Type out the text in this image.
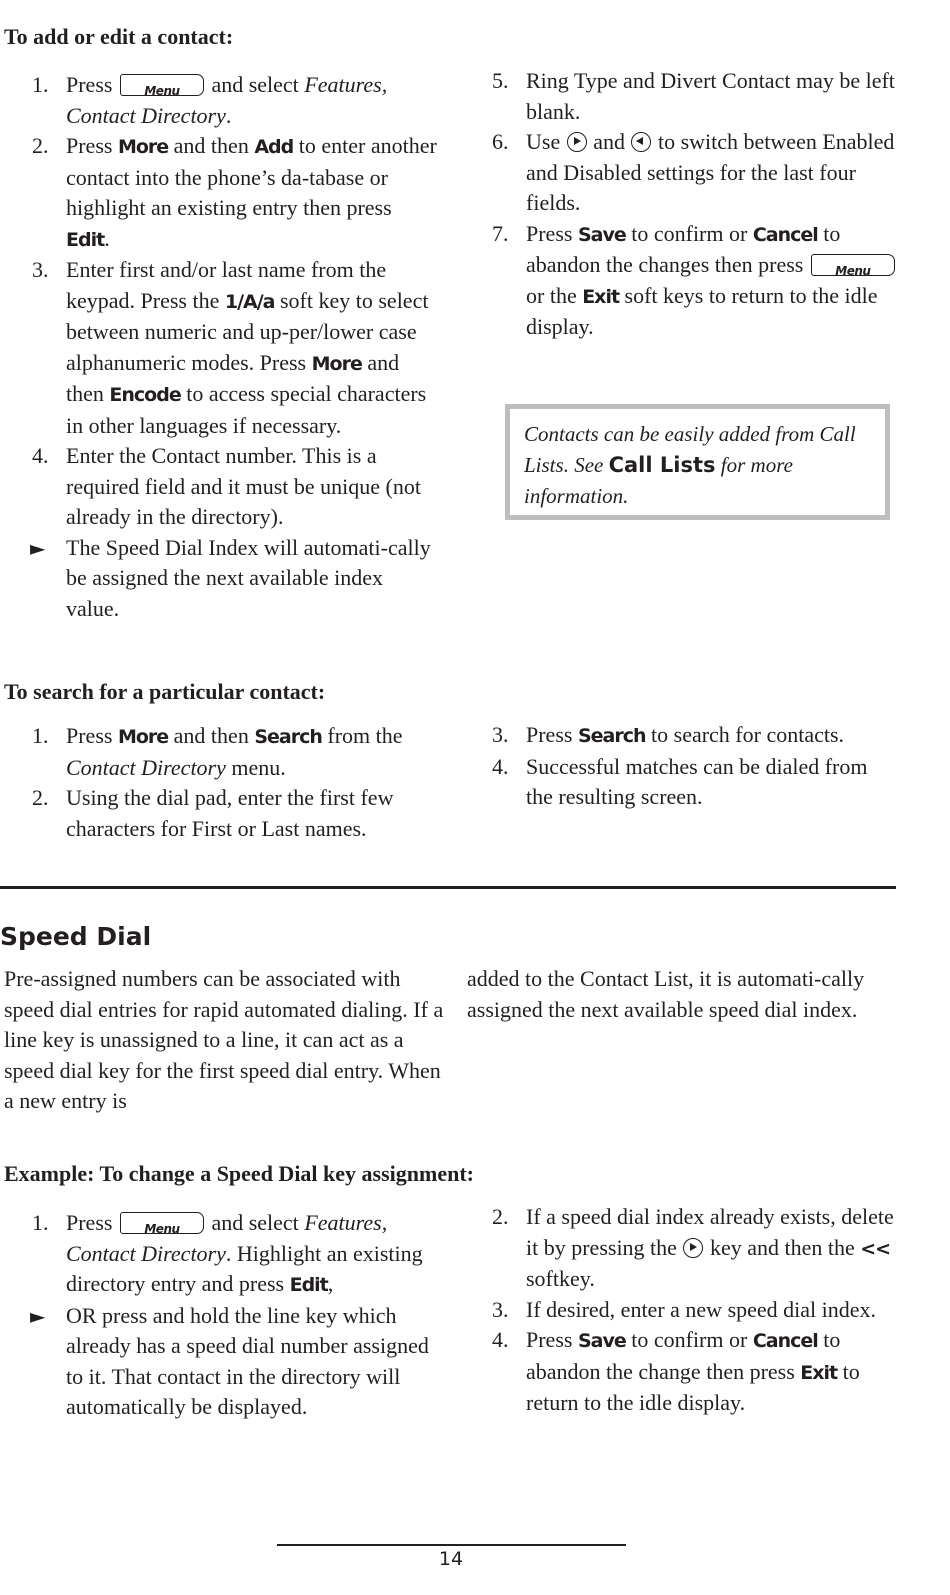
To add or edit a contact:
1. Press	Menu	and select Features, Contact Directory.
2. Press More and then Add to enter another contact into the phone’s da-tabase or highlight an existing entry then press Edit.
3. Enter first and/or last name from the keypad. Press the 1/A/a soft key to select between numeric and up-per/lower case alphanumeric modes. Press More and then Encode to access special characters in other languages if necessary.
4. Enter the Contact number. This is a required field and it must be unique (not already in the directory).
► The Speed Dial Index will automati-cally be assigned the next available index value.
5. Ring Type and Divert Contact may be left blank.
6. Use and to switch between Enabled and Disabled settings for the last four fields.
7. Press Save to confirm or Cancel to abandon the changes then press	Menu
or the Exit soft keys to return to the idle display.
Contacts can be easily added from Call Lists. See Call Lists for more information.
To search for a particular contact:
1. Press More and then Search from the Contact Directory menu.
2. Using the dial pad, enter the first few characters for First or Last names.
3. Press Search to search for contacts.
4. Successful matches can be dialed from the resulting screen.
Speed Dial

Pre-assigned numbers can be associated with speed dial entries for rapid automated dialing. If a line key is unassigned to a line, it can act as a speed dial key for the first speed dial entry. When a new entry is

added to the Contact List, it is automati-cally assigned the next available speed dial index.

Example: To change a Speed Dial key assignment:
1. Press	Menu	and select Features, Contact Directory. Highlight an existing directory entry and press Edit,
► OR press and hold the line key which already has a speed dial number assigned to it. That contact in the directory will automatically be displayed.
2. If a speed dial index already exists, delete it by pressing the key and then the << softkey.
3. If desired, enter a new speed dial index.
4. Press Save to confirm or Cancel to abandon the change then press Exit to return to the idle display.
14
